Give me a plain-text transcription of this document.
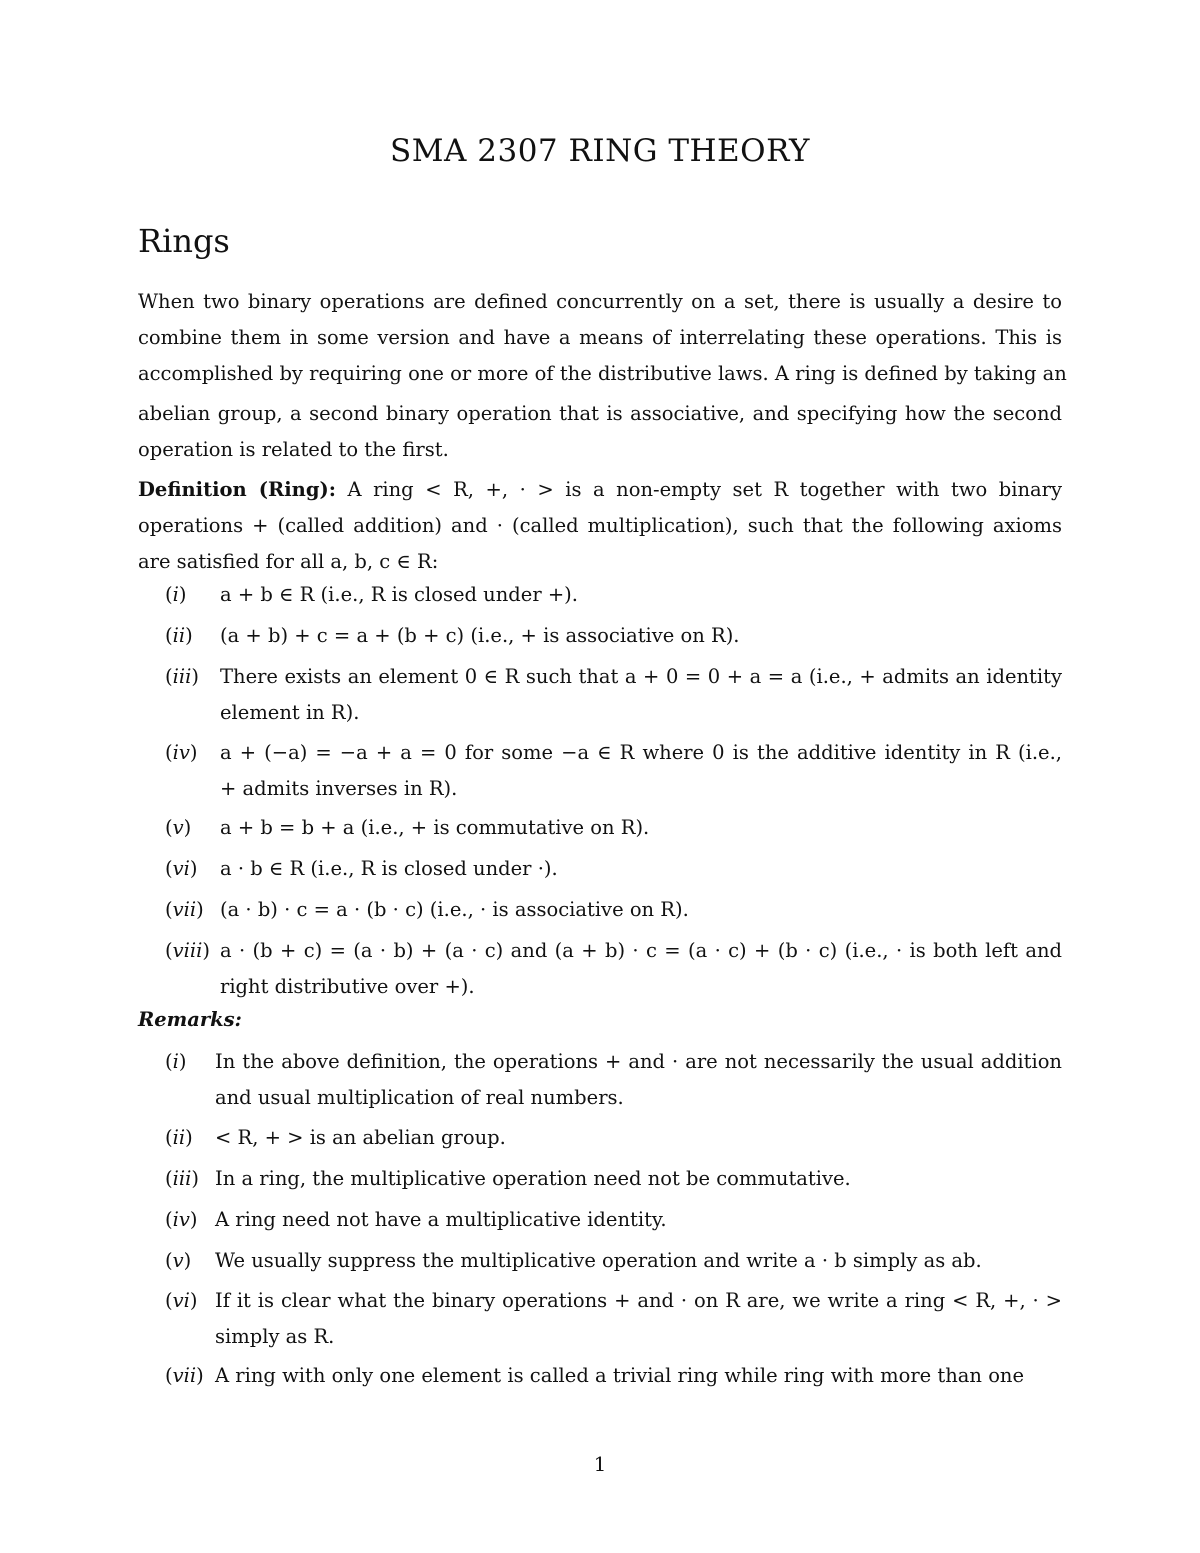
SMA 2307 RING THEORY
Rings
When two binary operations are defined concurrently on a set, there is usually a desire to
combine them in some version and have a means of interrelating these operations. This is
accomplished by requiring one or more of the distributive laws. A ring is defined by taking an
abelian group, a second binary operation that is associative, and specifying how the second
operation is related to the first.
Definition (Ring): A ring < R, +, · > is a non-empty set R together with two binary
operations + (called addition) and · (called multiplication), such that the following axioms
are satisfied for all a, b, c ∈ R:
(i) a + b ∈ R (i.e., R is closed under +).
(ii) (a + b) + c = a + (b + c) (i.e., + is associative on R).
(iii) There exists an element 0 ∈ R such that a + 0 = 0 + a = a (i.e., + admits an identity
element in R).
(iv) a + (−a) = −a + a = 0 for some −a ∈ R where 0 is the additive identity in R (i.e.,
+ admits inverses in R).
(v) a + b = b + a (i.e., + is commutative on R).
(vi) a · b ∈ R (i.e., R is closed under ·).
(vii) (a · b) · c = a · (b · c) (i.e., · is associative on R).
(viii) a · (b + c) = (a · b) + (a · c) and (a + b) · c = (a · c) + (b · c) (i.e., · is both left and
right distributive over +).
Remarks:
(i) In the above definition, the operations + and · are not necessarily the usual addition
and usual multiplication of real numbers.
(ii) < R, + > is an abelian group.
(iii) In a ring, the multiplicative operation need not be commutative.
(iv) A ring need not have a multiplicative identity.
(v) We usually suppress the multiplicative operation and write a · b simply as ab.
(vi) If it is clear what the binary operations + and · on R are, we write a ring < R, +, · >
simply as R.
(vii) A ring with only one element is called a trivial ring while ring with more than one
1
